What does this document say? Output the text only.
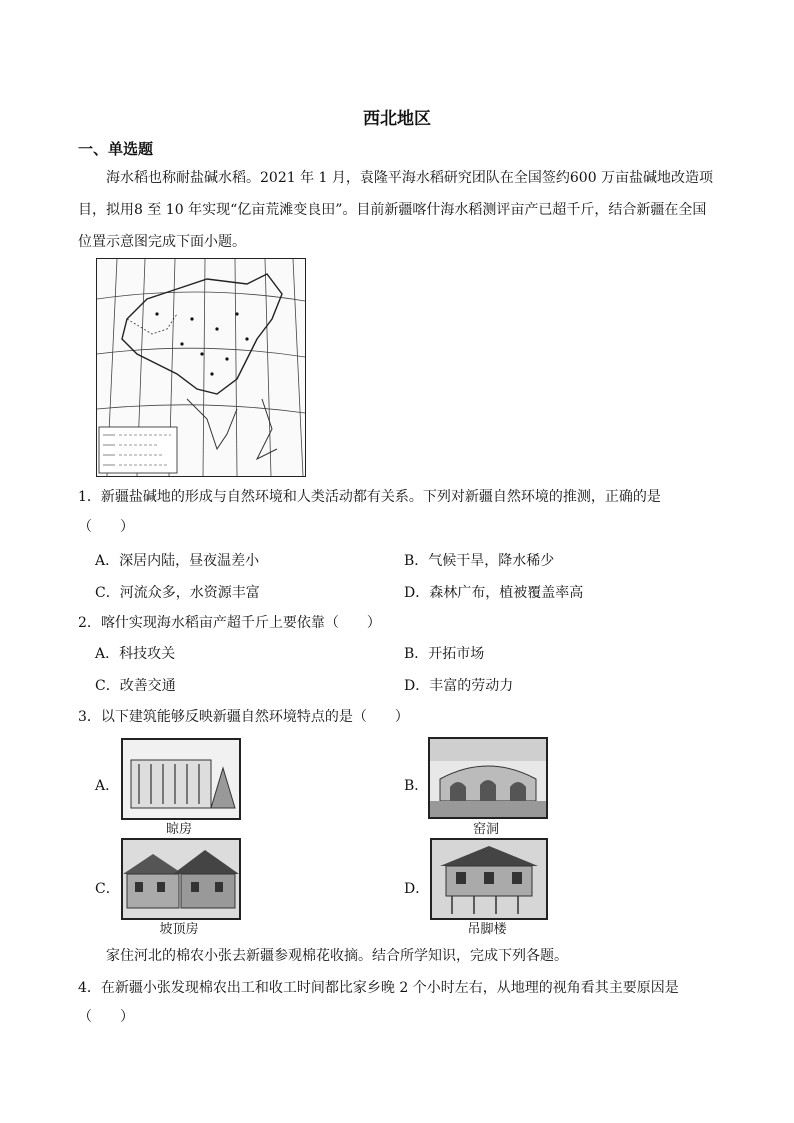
西北地区
一、单选题
海水稻也称耐盐碱水稻。2021 年 1 月，袁隆平海水稻研究团队在全国签约600 万亩盐碱地改造项目，拟用8 至 10 年实现“亿亩荒滩变良田”。目前新疆喀什海水稻测评亩产已超千斤，结合新疆在全国位置示意图完成下面小题。
1．新疆盐碱地的形成与自然环境和人类活动都有关系。下列对新疆自然环境的推测，正确的是
（　　）
A．深居内陆，昼夜温差小	B．气候干旱，降水稀少
C．河流众多，水资源丰富	D．森林广布，植被覆盖率高
2．喀什实现海水稻亩产超千斤上要依靠（　　）
A．科技攻关	B．开拓市场
C．改善交通	D．丰富的劳动力
3．以下建筑能够反映新疆自然环境特点的是（　　）
A．
晾房
B．
窑洞
C．
坡顶房
D．
吊脚楼
家住河北的棉农小张去新疆参观棉花收摘。结合所学知识，完成下列各题。
4．在新疆小张发现棉农出工和收工时间都比家乡晚 2 个小时左右，从地理的视角看其主要原因是
（　　）
